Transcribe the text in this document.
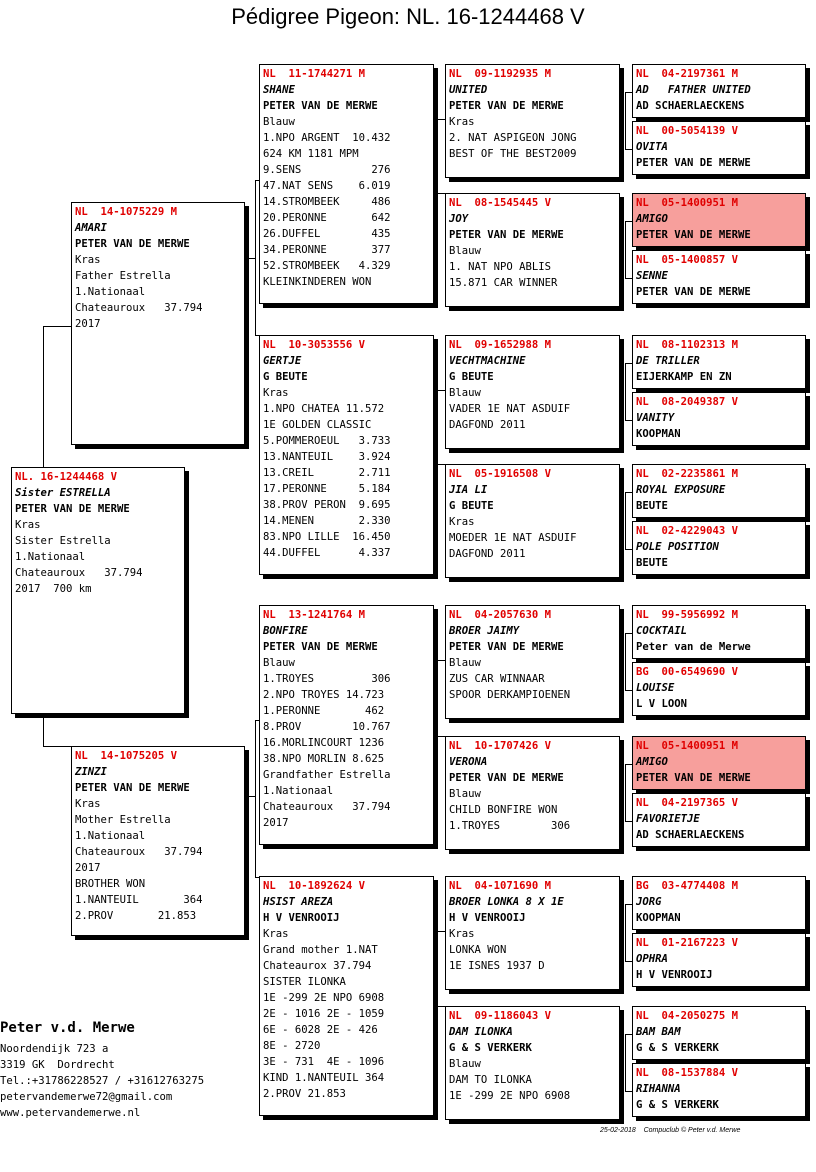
Pédigree Pigeon: NL. 16-1244468 V
NL. 16-1244468 V
Sister ESTRELLA
PETER VAN DE MERWE
Kras
Sister Estrella
1.Nationaal
Chateauroux   37.794
2017  700 km
NL  14-1075229 M
AMARI
PETER VAN DE MERWE
Kras
Father Estrella
1.Nationaal
Chateauroux   37.794
2017
NL  14-1075205 V
ZINZI
PETER VAN DE MERWE
Kras
Mother Estrella
1.Nationaal
Chateauroux   37.794
2017
BROTHER WON
1.NANTEUIL       364
2.PROV       21.853
NL  11-1744271 M
SHANE
PETER VAN DE MERWE
Blauw
1.NPO ARGENT  10.432
624 KM 1181 MPM
9.SENS           276
47.NAT SENS    6.019
14.STROMBEEK     486
20.PERONNE       642
26.DUFFEL        435
34.PERONNE       377
52.STROMBEEK   4.329
KLEINKINDEREN WON
NL  10-3053556 V
GERTJE
G BEUTE
Kras
1.NPO CHATEA 11.572
1E GOLDEN CLASSIC
5.POMMEROEUL   3.733
13.NANTEUIL    3.924
13.CREIL       2.711
17.PERONNE     5.184
38.PROV PERON  9.695
14.MENEN       2.330
83.NPO LILLE  16.450
44.DUFFEL      4.337
NL  13-1241764 M
BONFIRE
PETER VAN DE MERWE
Blauw
1.TROYES         306
2.NPO TROYES 14.723
1.PERONNE       462
8.PROV        10.767
16.MORLINCOURT 1236
38.NPO MORLIN 8.625
Grandfather Estrella
1.Nationaal
Chateauroux   37.794
2017
NL  10-1892624 V
HSIST AREZA
H V VENROOIJ
Kras
Grand mother 1.NAT
Chateaurox 37.794
SISTER ILONKA
1E -299 2E NPO 6908
2E - 1016 2E - 1059
6E - 6028 2E - 426
8E - 2720
3E - 731  4E - 1096
KIND 1.NANTEUIL 364
2.PROV 21.853
NL  09-1192935 M
UNITED
PETER VAN DE MERWE
Kras
2. NAT ASPIGEON JONG
BEST OF THE BEST2009
NL  08-1545445 V
JOY
PETER VAN DE MERWE
Blauw
1. NAT NPO ABLIS
15.871 CAR WINNER
NL  09-1652988 M
VECHTMACHINE
G BEUTE
Blauw
VADER 1E NAT ASDUIF
DAGFOND 2011
NL  05-1916508 V
JIA LI
G BEUTE
Kras
MOEDER 1E NAT ASDUIF
DAGFOND 2011
NL  04-2057630 M
BROER JAIMY
PETER VAN DE MERWE
Blauw
ZUS CAR WINNAAR
SPOOR DERKAMPIOENEN
NL  10-1707426 V
VERONA
PETER VAN DE MERWE
Blauw
CHILD BONFIRE WON
1.TROYES        306
NL  04-1071690 M
BROER LONKA 8 X 1E
H V VENROOIJ
Kras
LONKA WON
1E ISNES 1937 D
NL  09-1186043 V
DAM ILONKA
G & S VERKERK
Blauw
DAM TO ILONKA
1E -299 2E NPO 6908
NL  04-2197361 M
AD   FATHER UNITED
AD SCHAERLAECKENS
NL  00-5054139 V
OVITA
PETER VAN DE MERWE
NL  05-1400951 M
AMIGO
PETER VAN DE MERWE
NL  05-1400857 V
SENNE
PETER VAN DE MERWE
NL  08-1102313 M
DE TRILLER
EIJERKAMP EN ZN
NL  08-2049387 V
VANITY
KOOPMAN
NL  02-2235861 M
ROYAL EXPOSURE
BEUTE
NL  02-4229043 V
POLE POSITION
BEUTE
NL  99-5956992 M
COCKTAIL
Peter van de Merwe
BG  00-6549690 V
LOUISE
L V LOON
NL  05-1400951 M
AMIGO
PETER VAN DE MERWE
NL  04-2197365 V
FAVORIETJE
AD SCHAERLAECKENS
BG  03-4774408 M
JORG
KOOPMAN
NL  01-2167223 V
OPHRA
H V VENROOIJ
NL  04-2050275 M
BAM BAM
G & S VERKERK
NL  08-1537884 V
RIHANNA
G & S VERKERK
Peter v.d. Merwe
Noordendijk 723 a
3319 GK  Dordrecht
Tel.:+31786228527 / +31612763275
petervandemerwe72@gmail.com
www.petervandemerwe.nl
25-02-2018    Compuclub © Peter v.d. Merwe
